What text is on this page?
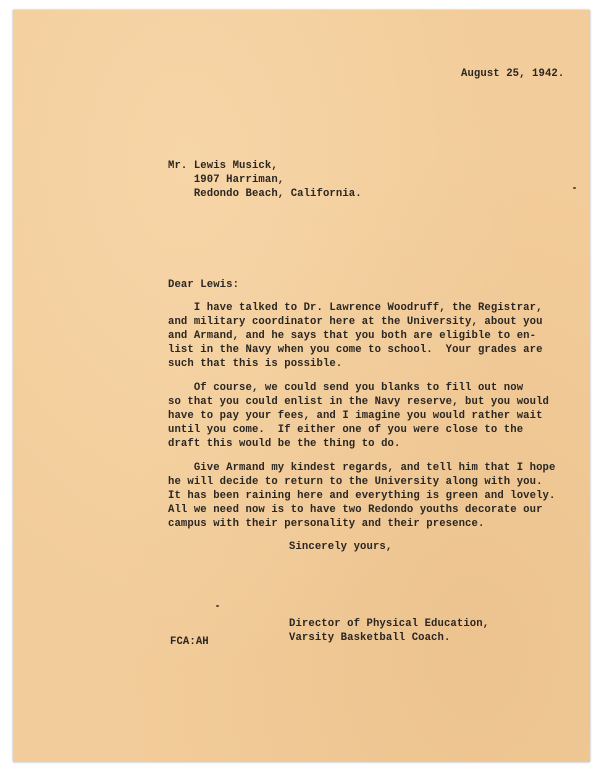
August 25, 1942.
Mr. Lewis Musick,
1907 Harriman,
Redondo Beach, California.
Dear Lewis:
I have talked to Dr. Lawrence Woodruff, the Registrar,
and military coordinator here at the University, about you
and Armand, and he says that you both are eligible to en-
list in the Navy when you come to school.  Your grades are
such that this is possible.
Of course, we could send you blanks to fill out now
so that you could enlist in the Navy reserve, but you would
have to pay your fees, and I imagine you would rather wait
until you come.  If either one of you were close to the
draft this would be the thing to do.
Give Armand my kindest regards, and tell him that I hope
he will decide to return to the University along with you.
It has been raining here and everything is green and lovely.
All we need now is to have two Redondo youths decorate our
campus with their personality and their presence.
Sincerely yours,
Director of Physical Education,
Varsity Basketball Coach.
FCA:AH
